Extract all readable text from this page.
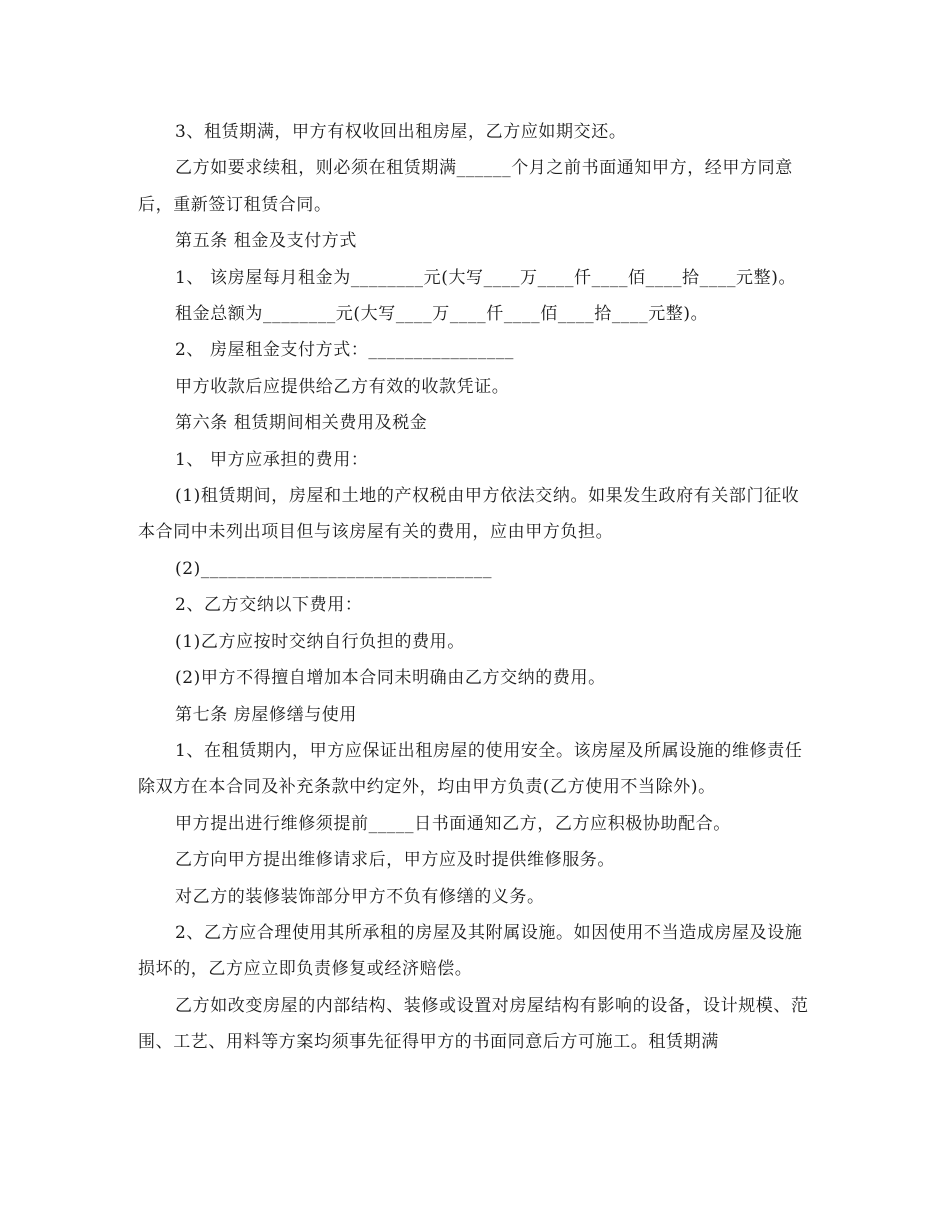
3、租赁期满，甲方有权收回出租房屋，乙方应如期交还。

乙方如要求续租，则必须在租赁期满______个月之前书面通知甲方，经甲方同意后，重新签订租赁合同。

第五条 租金及支付方式

1、 该房屋每月租金为________元(大写____万____仟____佰____拾____元整)。

租金总额为________元(大写____万____仟____佰____拾____元整)。

2、 房屋租金支付方式：________________

甲方收款后应提供给乙方有效的收款凭证。

第六条 租赁期间相关费用及税金

1、 甲方应承担的费用：

(1)租赁期间，房屋和土地的产权税由甲方依法交纳。如果发生政府有关部门征收本合同中未列出项目但与该房屋有关的费用，应由甲方负担。

(2)________________________________

2、乙方交纳以下费用：

(1)乙方应按时交纳自行负担的费用。

(2)甲方不得擅自增加本合同未明确由乙方交纳的费用。

第七条 房屋修缮与使用

1、在租赁期内，甲方应保证出租房屋的使用安全。该房屋及所属设施的维修责任除双方在本合同及补充条款中约定外，均由甲方负责(乙方使用不当除外)。

甲方提出进行维修须提前_____日书面通知乙方，乙方应积极协助配合。

乙方向甲方提出维修请求后，甲方应及时提供维修服务。

对乙方的装修装饰部分甲方不负有修缮的义务。

2、乙方应合理使用其所承租的房屋及其附属设施。如因使用不当造成房屋及设施损坏的，乙方应立即负责修复或经济赔偿。

乙方如改变房屋的内部结构、装修或设置对房屋结构有影响的设备，设计规模、范围、工艺、用料等方案均须事先征得甲方的书面同意后方可施工。租赁期满
